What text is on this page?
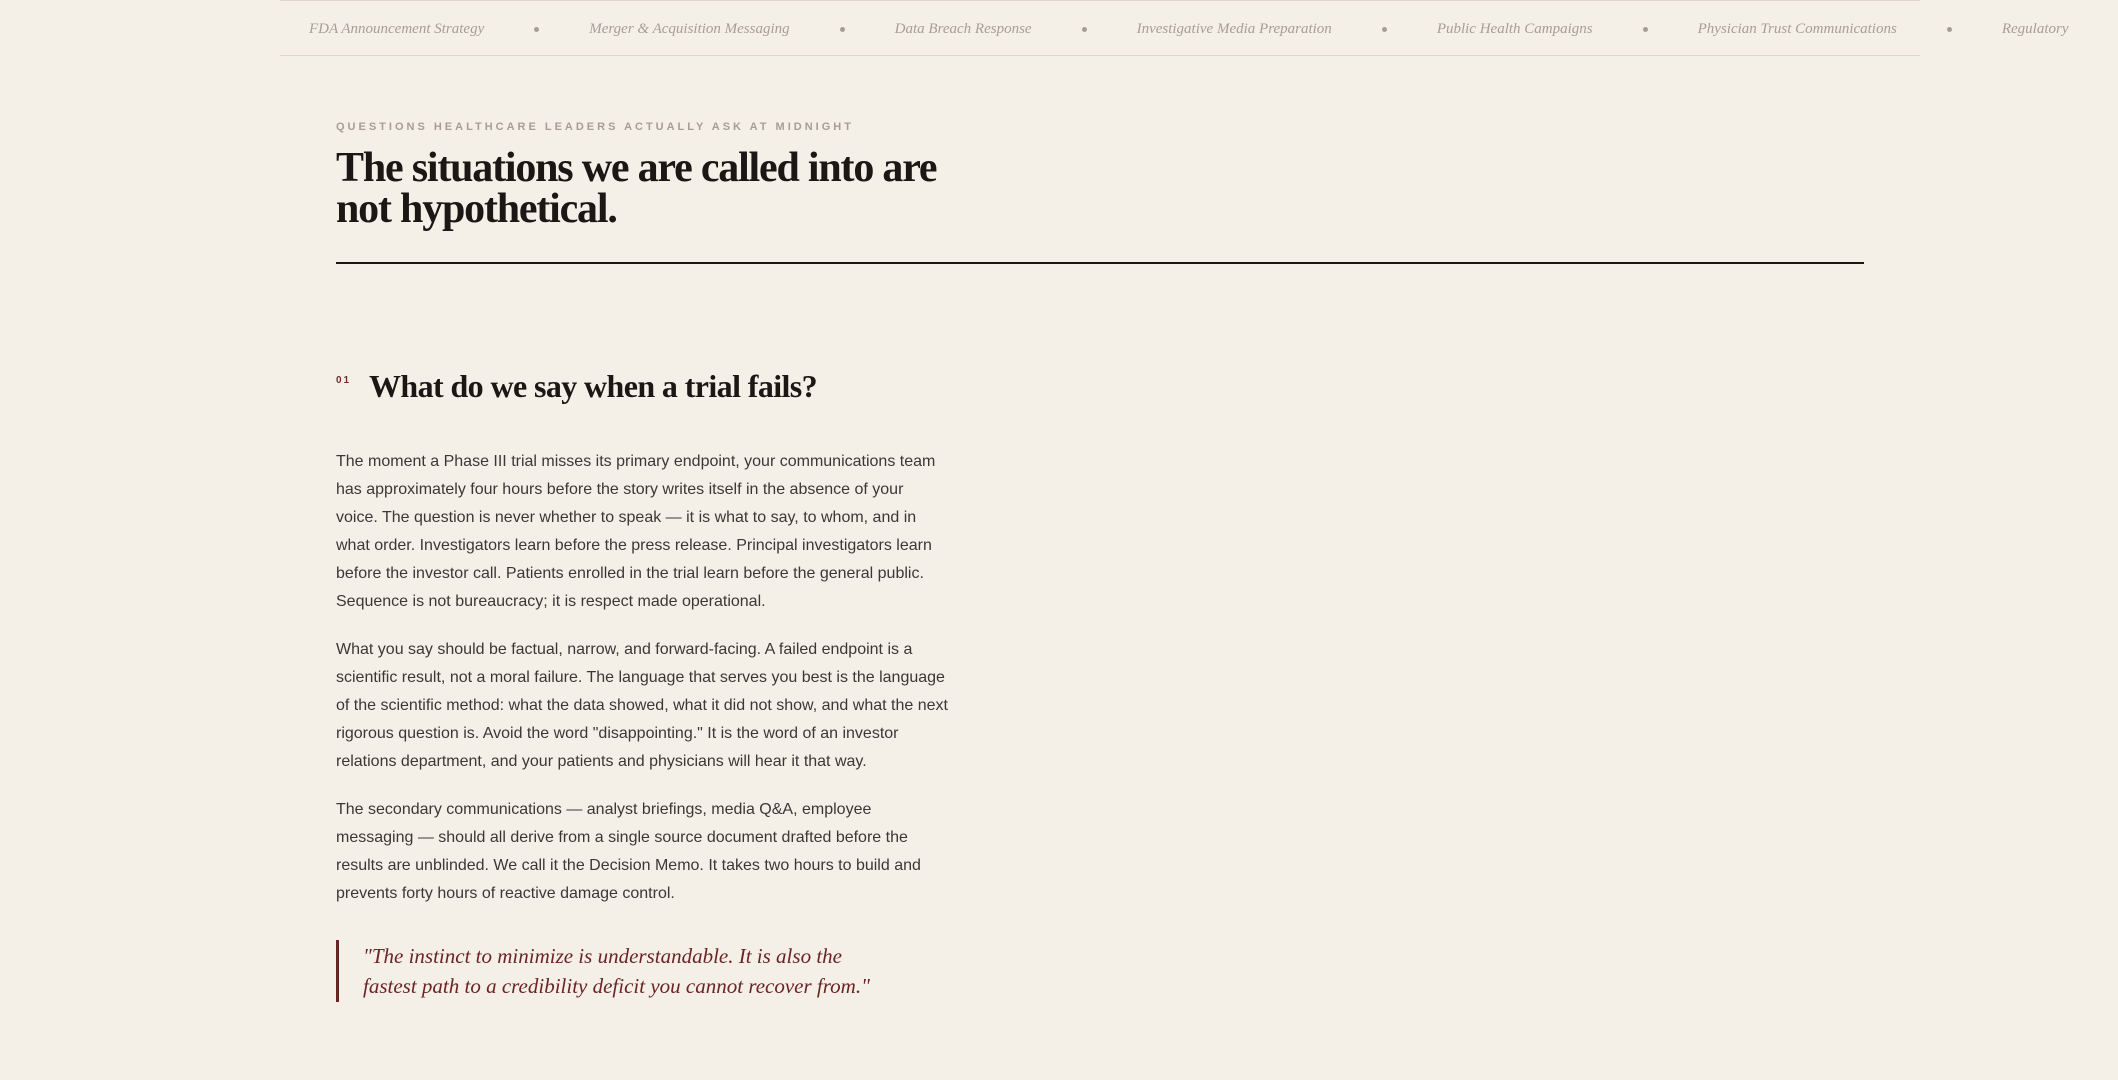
FDA Announcement Strategy	Merger & Acquisition Messaging	Data Breach Response	Investigative Media Preparation	Public Health Campaigns	Physician Trust Communications	Regulatory
QUESTIONS HEALTHCARE LEADERS ACTUALLY ASK AT MIDNIGHT
The situations we are called into are not hypothetical.
01 What do we say when a trial fails?

The moment a Phase III trial misses its primary endpoint, your communications team has approximately four hours before the story writes itself in the absence of your voice. The question is never whether to speak — it is what to say, to whom, and in what order. Investigators learn before the press release. Principal investigators learn before the investor call. Patients enrolled in the trial learn before the general public. Sequence is not bureaucracy; it is respect made operational.

What you say should be factual, narrow, and forward-facing. A failed endpoint is a scientific result, not a moral failure. The language that serves you best is the language of the scientific method: what the data showed, what it did not show, and what the next rigorous question is. Avoid the word "disappointing." It is the word of an investor relations department, and your patients and physicians will hear it that way.

The secondary communications — analyst briefings, media Q&A, employee messaging — should all derive from a single source document drafted before the results are unblinded. We call it the Decision Memo. It takes two hours to build and prevents forty hours of reactive damage control.

"The instinct to minimize is understandable. It is also the fastest path to a credibility deficit you cannot recover from."
